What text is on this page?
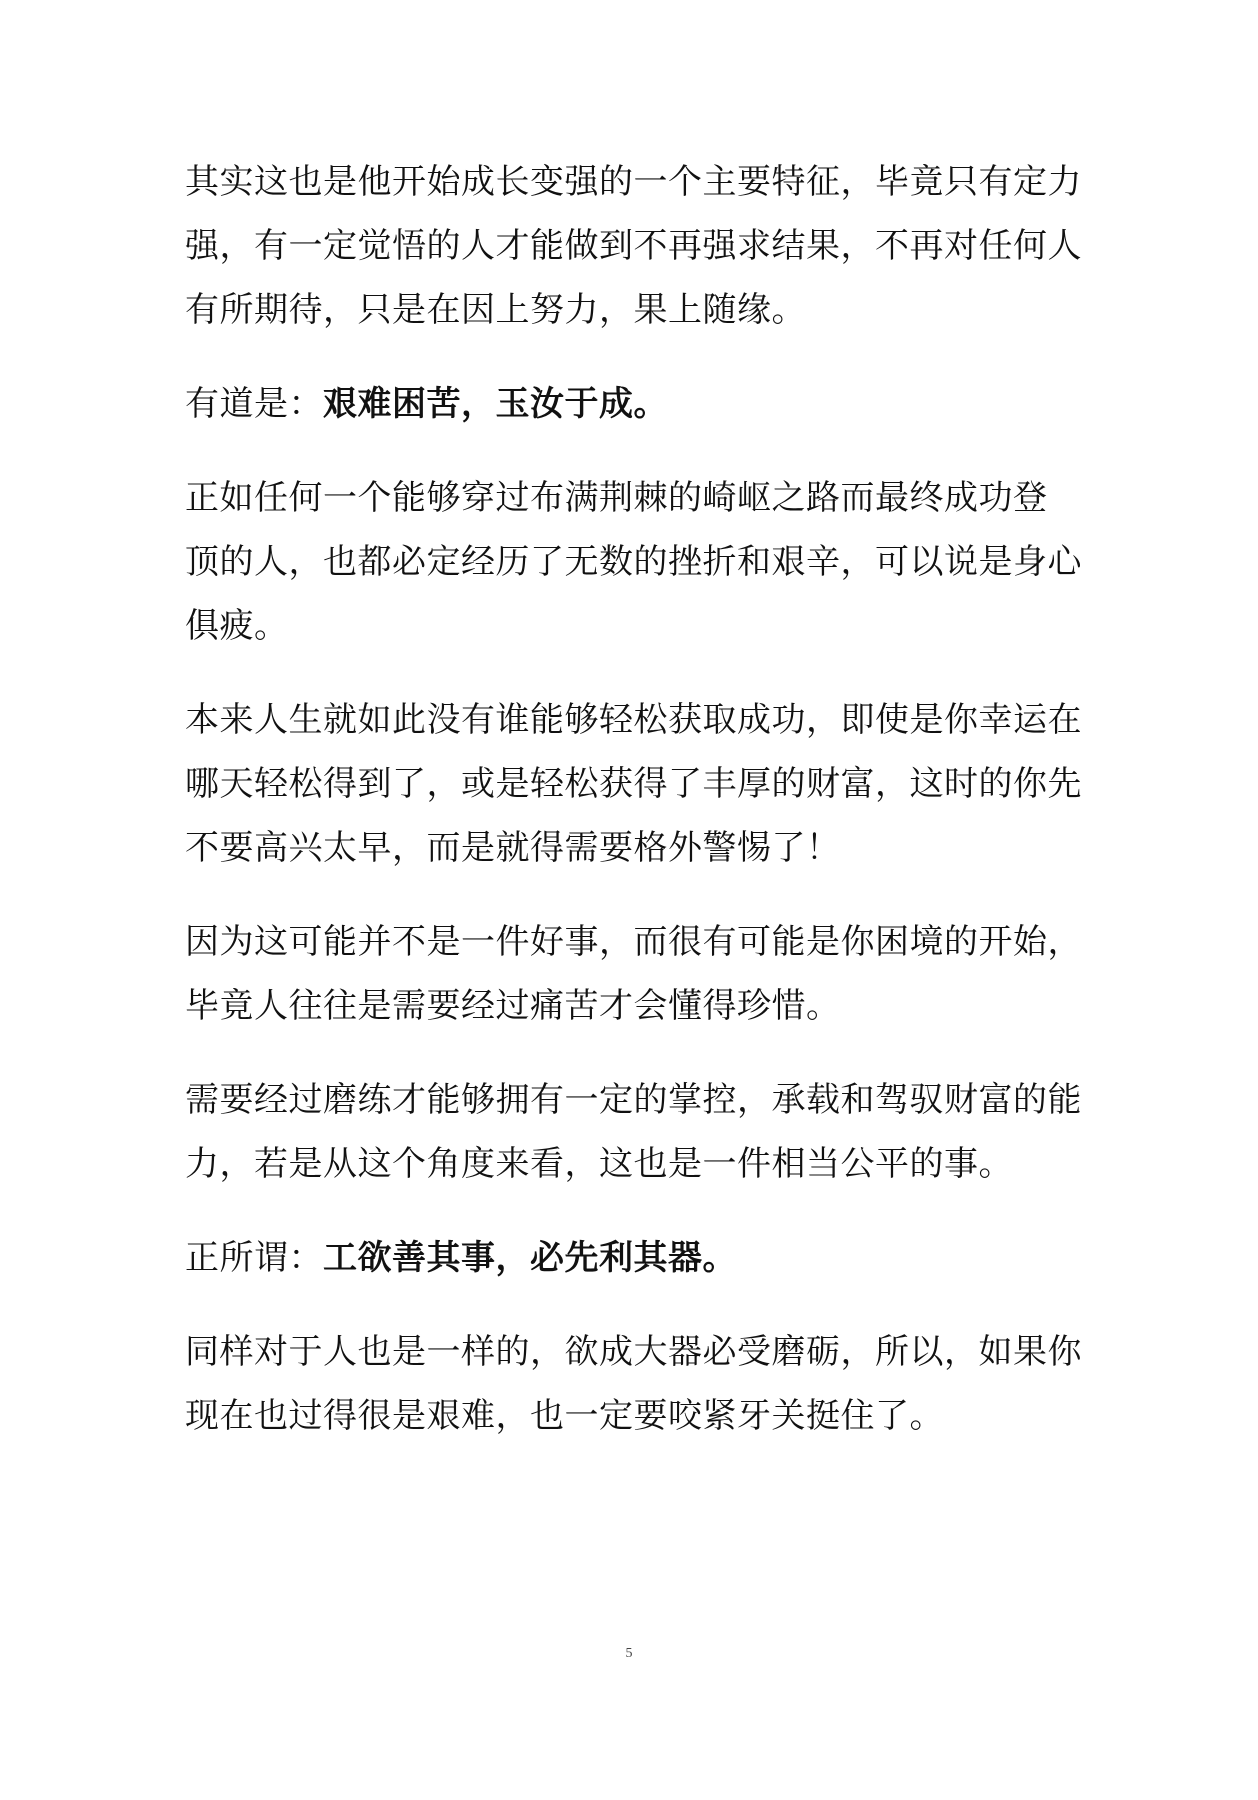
其实这也是他开始成长变强的一个主要特征，毕竟只有定力
强，有一定觉悟的人才能做到不再强求结果，不再对任何人
有所期待，只是在因上努力，果上随缘。

有道是：艰难困苦，玉汝于成。

正如任何一个能够穿过布满荆棘的崎岖之路而最终成功登
顶的人，也都必定经历了无数的挫折和艰辛，可以说是身心
俱疲。

本来人生就如此没有谁能够轻松获取成功，即使是你幸运在
哪天轻松得到了，或是轻松获得了丰厚的财富，这时的你先
不要高兴太早，而是就得需要格外警惕了！

因为这可能并不是一件好事，而很有可能是你困境的开始，
毕竟人往往是需要经过痛苦才会懂得珍惜。

需要经过磨练才能够拥有一定的掌控，承载和驾驭财富的能
力，若是从这个角度来看，这也是一件相当公平的事。

正所谓：工欲善其事，必先利其器。

同样对于人也是一样的，欲成大器必受磨砺，所以，如果你
现在也过得很是艰难，也一定要咬紧牙关挺住了。

5
